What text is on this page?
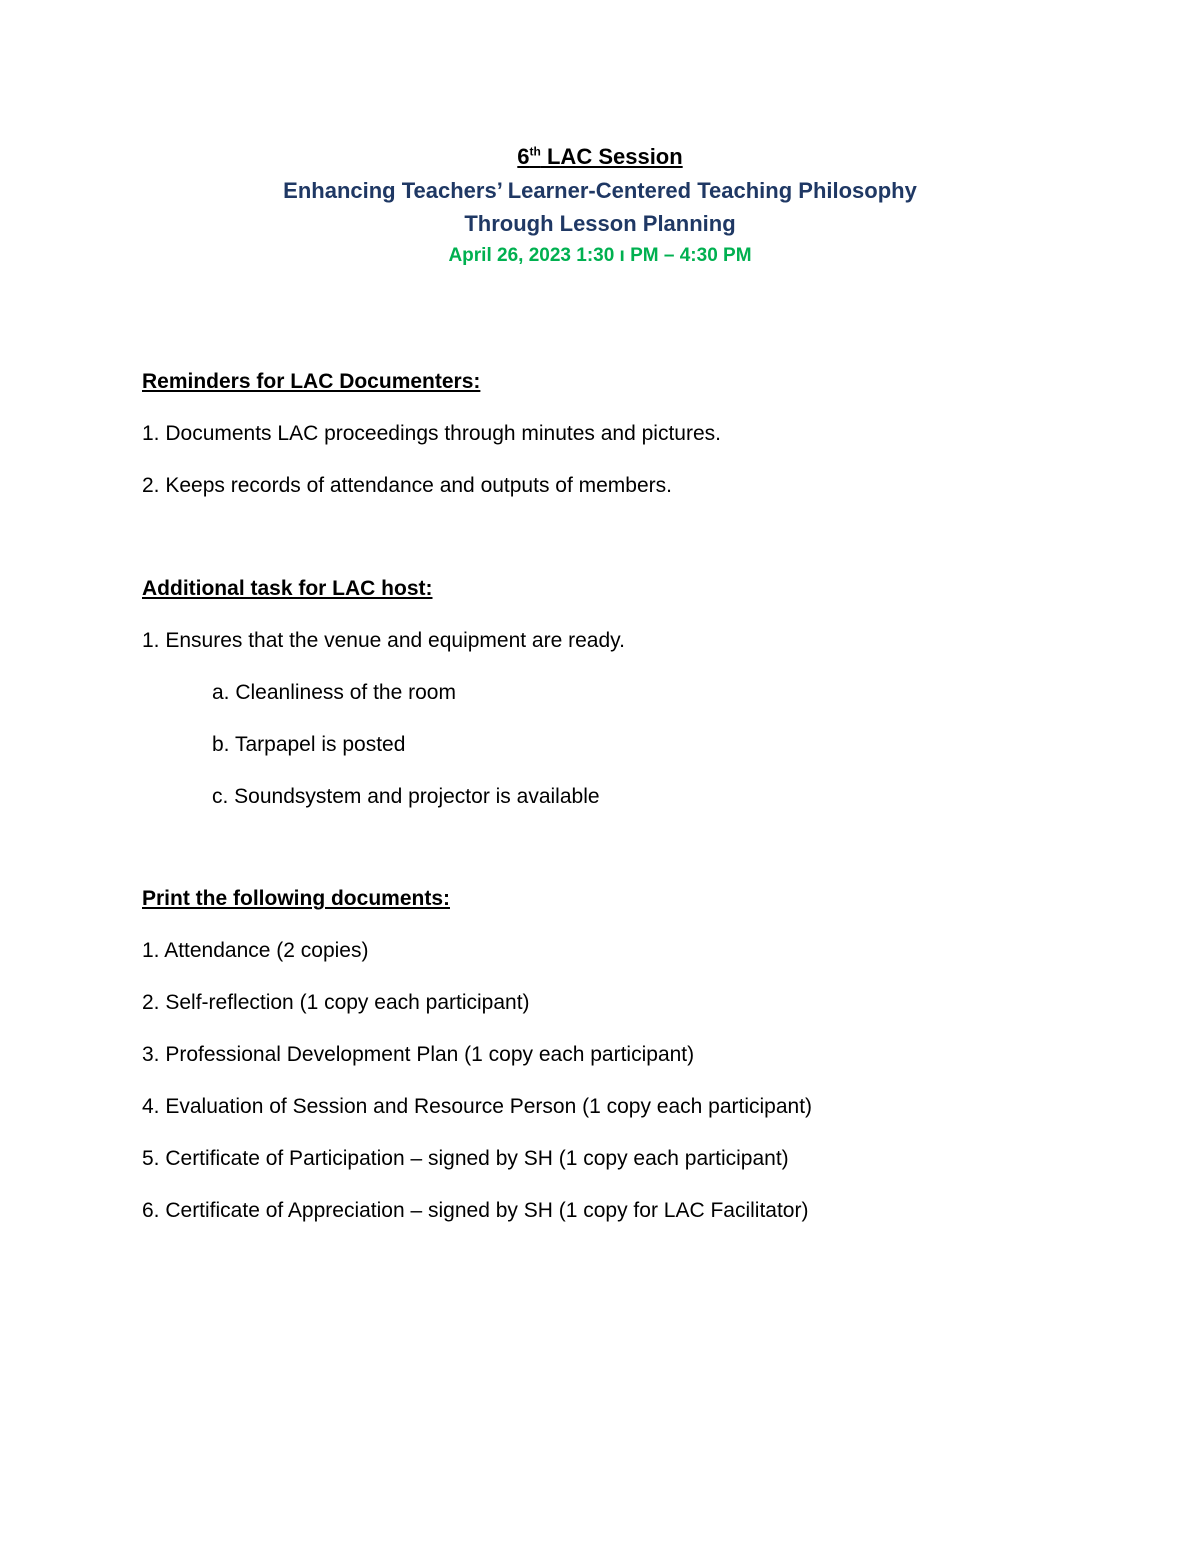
6th LAC Session
Enhancing Teachers’ Learner-Centered Teaching Philosophy
Through Lesson Planning
April 26, 2023 1:30 ı PM – 4:30 PM

Reminders for LAC Documenters:

1. Documents LAC proceedings through minutes and pictures.

2. Keeps records of attendance and outputs of members.

Additional task for LAC host:

1. Ensures that the venue and equipment are ready.

a. Cleanliness of the room

b. Tarpapel is posted

c. Soundsystem and projector is available

Print the following documents:

1. Attendance (2 copies)

2. Self-reflection (1 copy each participant)

3. Professional Development Plan (1 copy each participant)

4. Evaluation of Session and Resource Person (1 copy each participant)

5. Certificate of Participation – signed by SH (1 copy each participant)

6. Certificate of Appreciation – signed by SH (1 copy for LAC Facilitator)
